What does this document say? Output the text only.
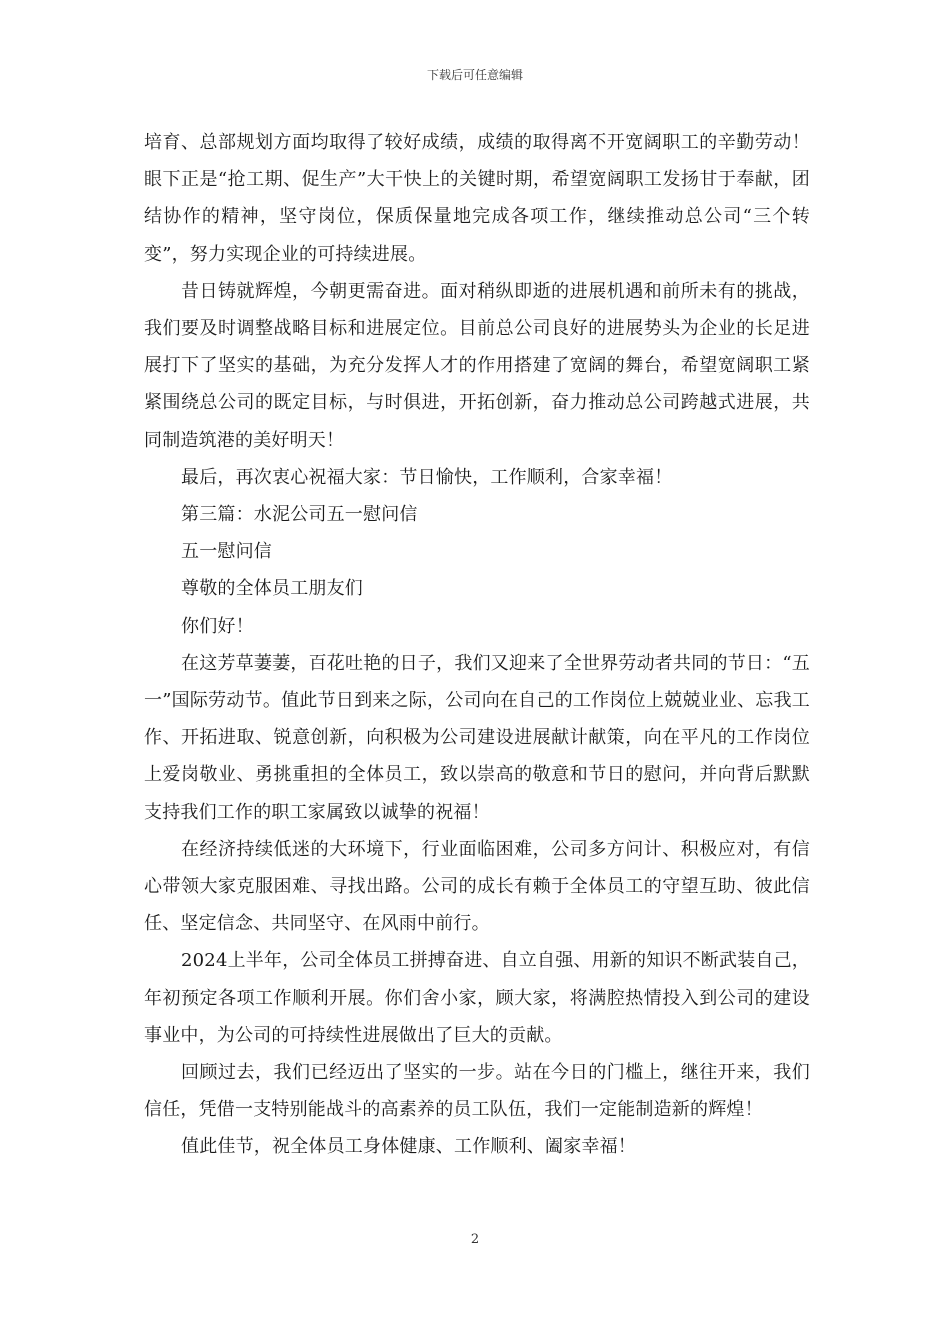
下载后可任意编辑

培育、总部规划方面均取得了较好成绩，成绩的取得离不开宽阔职工的辛勤劳动！眼下正是“抢工期、促生产”大干快上的关键时期，希望宽阔职工发扬甘于奉献，团结协作的精神，坚守岗位，保质保量地完成各项工作，继续推动总公司“三个转变”，努力实现企业的可持续进展。

昔日铸就辉煌，今朝更需奋进。面对稍纵即逝的进展机遇和前所未有的挑战，我们要及时调整战略目标和进展定位。目前总公司良好的进展势头为企业的长足进展打下了坚实的基础，为充分发挥人才的作用搭建了宽阔的舞台，希望宽阔职工紧紧围绕总公司的既定目标，与时俱进，开拓创新，奋力推动总公司跨越式进展，共同制造筑港的美好明天！

最后，再次衷心祝福大家：节日愉快，工作顺利，合家幸福！

第三篇：水泥公司五一慰问信

五一慰问信

尊敬的全体员工朋友们

你们好！

在这芳草萋萋，百花吐艳的日子，我们又迎来了全世界劳动者共同的节日：“五一”国际劳动节。值此节日到来之际，公司向在自己的工作岗位上兢兢业业、忘我工作、开拓进取、锐意创新，向积极为公司建设进展献计献策，向在平凡的工作岗位上爱岗敬业、勇挑重担的全体员工，致以崇高的敬意和节日的慰问，并向背后默默支持我们工作的职工家属致以诚挚的祝福！

在经济持续低迷的大环境下，行业面临困难，公司多方问计、积极应对，有信心带领大家克服困难、寻找出路。公司的成长有赖于全体员工的守望互助、彼此信任、坚定信念、共同坚守、在风雨中前行。

2024上半年，公司全体员工拼搏奋进、自立自强、用新的知识不断武装自己，年初预定各项工作顺利开展。你们舍小家，顾大家，将满腔热情投入到公司的建设事业中，为公司的可持续性进展做出了巨大的贡献。

回顾过去，我们已经迈出了坚实的一步。站在今日的门槛上，继往开来，我们信任，凭借一支特别能战斗的高素养的员工队伍，我们一定能制造新的辉煌！

值此佳节，祝全体员工身体健康、工作顺利、阖家幸福！

2
